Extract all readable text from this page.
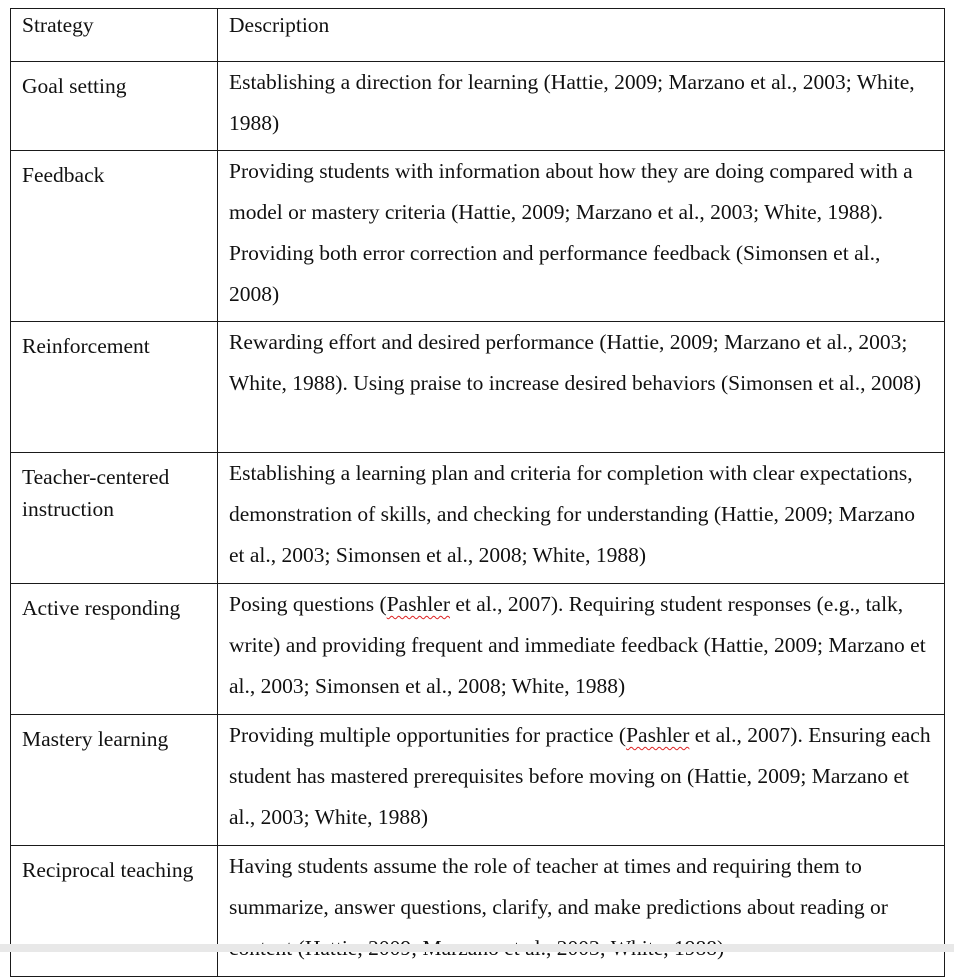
Strategy	Description
Goal setting	Establishing a direction for learning (Hattie, 2009; Marzano et al., 2003; White, 1988)
Feedback	Providing students with information about how they are doing compared with a model or mastery criteria (Hattie, 2009; Marzano et al., 2003; White, 1988). Providing both error correction and performance feedback (Simonsen et al., 2008)
Reinforcement	Rewarding effort and desired performance (Hattie, 2009; Marzano et al., 2003; White, 1988). Using praise to increase desired behaviors (Simonsen et al., 2008)
Teacher-centered instruction	Establishing a learning plan and criteria for completion with clear expectations, demonstration of skills, and checking for understanding (Hattie, 2009; Marzano et al., 2003; Simonsen et al., 2008; White, 1988)
Active responding	Posing questions (Pashler et al., 2007). Requiring student responses (e.g., talk, write) and providing frequent and immediate feedback (Hattie, 2009; Marzano et al., 2003; Simonsen et al., 2008; White, 1988)
Mastery learning	Providing multiple opportunities for practice (Pashler et al., 2007). Ensuring each student has mastered prerequisites before moving on (Hattie, 2009; Marzano et al., 2003; White, 1988)
Reciprocal teaching	Having students assume the role of teacher at times and requiring them to summarize, answer questions, clarify, and make predictions about reading or
